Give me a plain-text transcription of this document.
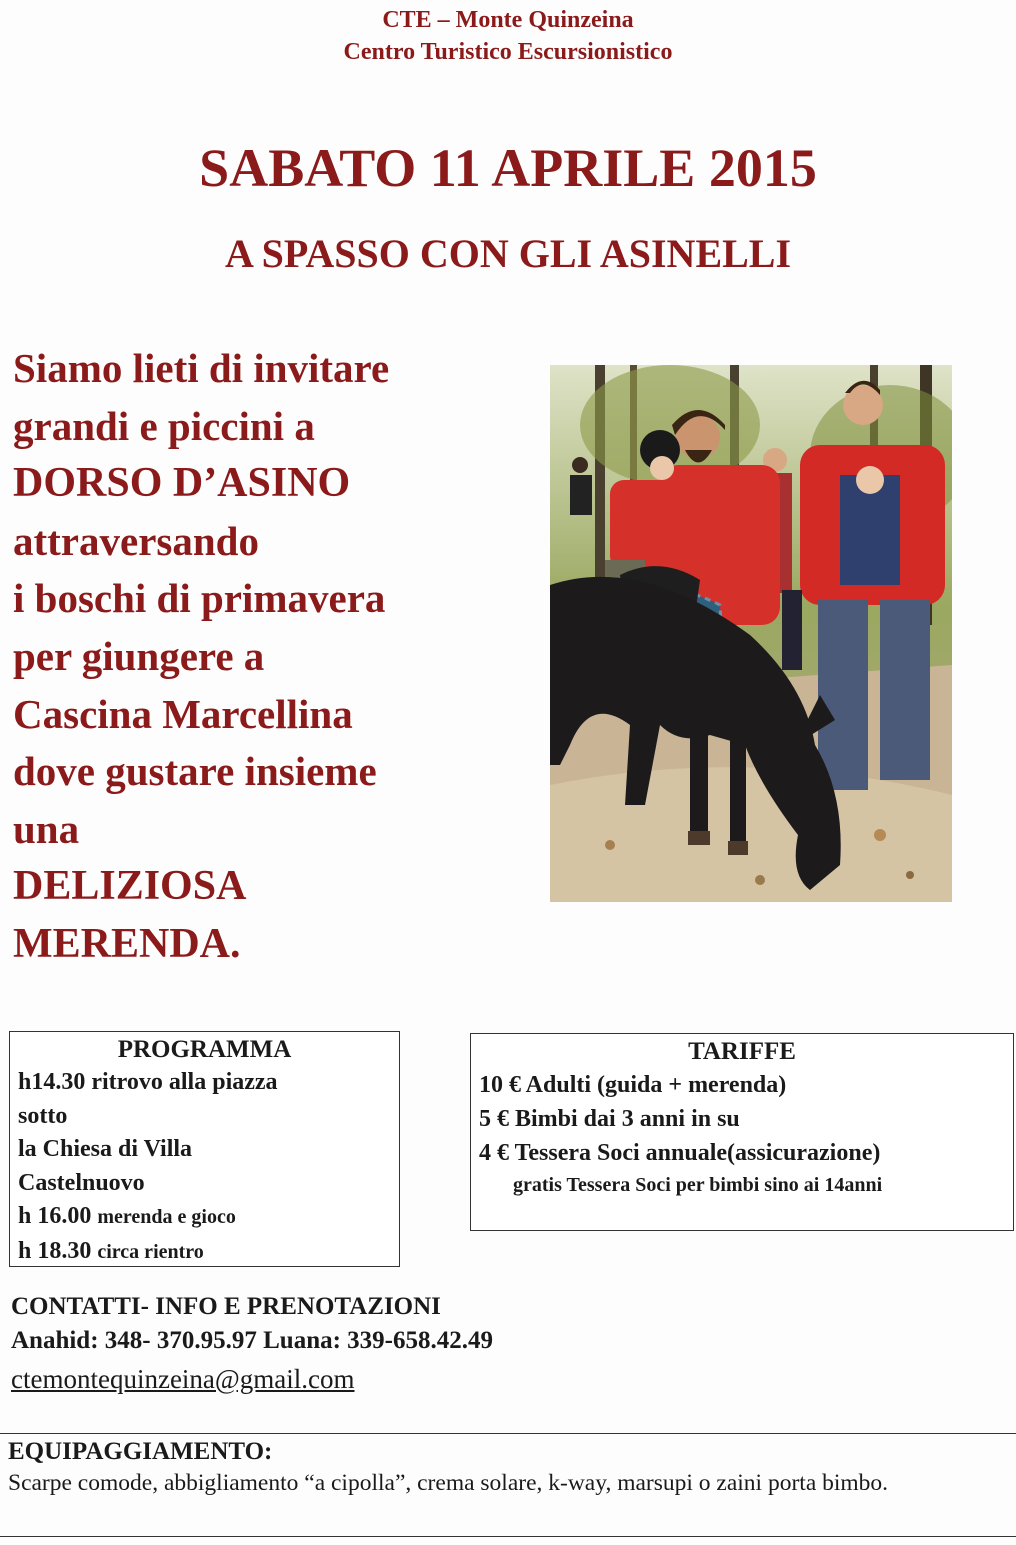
CTE – Monte Quinzeina
Centro Turistico Escursionistico
SABATO 11 APRILE 2015
A SPASSO CON GLI ASINELLI
Siamo lieti di invitare
grandi e piccini a
DORSO D’ASINO
attraversando
i boschi di primavera
per giungere a
Cascina Marcellina
dove gustare insieme
una
DELIZIOSA
MERENDA.
PROGRAMMA
h14.30 ritrovo alla piazza
sotto
la Chiesa di Villa
Castelnuovo
h 16.00 merenda e gioco
h 18.30 circa rientro
TARIFFE
10 € Adulti (guida + merenda)
5 € Bimbi dai 3 anni in su
4 € Tessera Soci annuale(assicurazione)
gratis Tessera Soci per bimbi sino ai 14anni
CONTATTI- INFO E PRENOTAZIONI
Anahid: 348- 370.95.97 Luana: 339-658.42.49
ctemontequinzeina@gmail.com
EQUIPAGGIAMENTO:
Scarpe comode, abbigliamento “a cipolla”, crema solare, k-way, marsupi o zaini porta bimbo.
